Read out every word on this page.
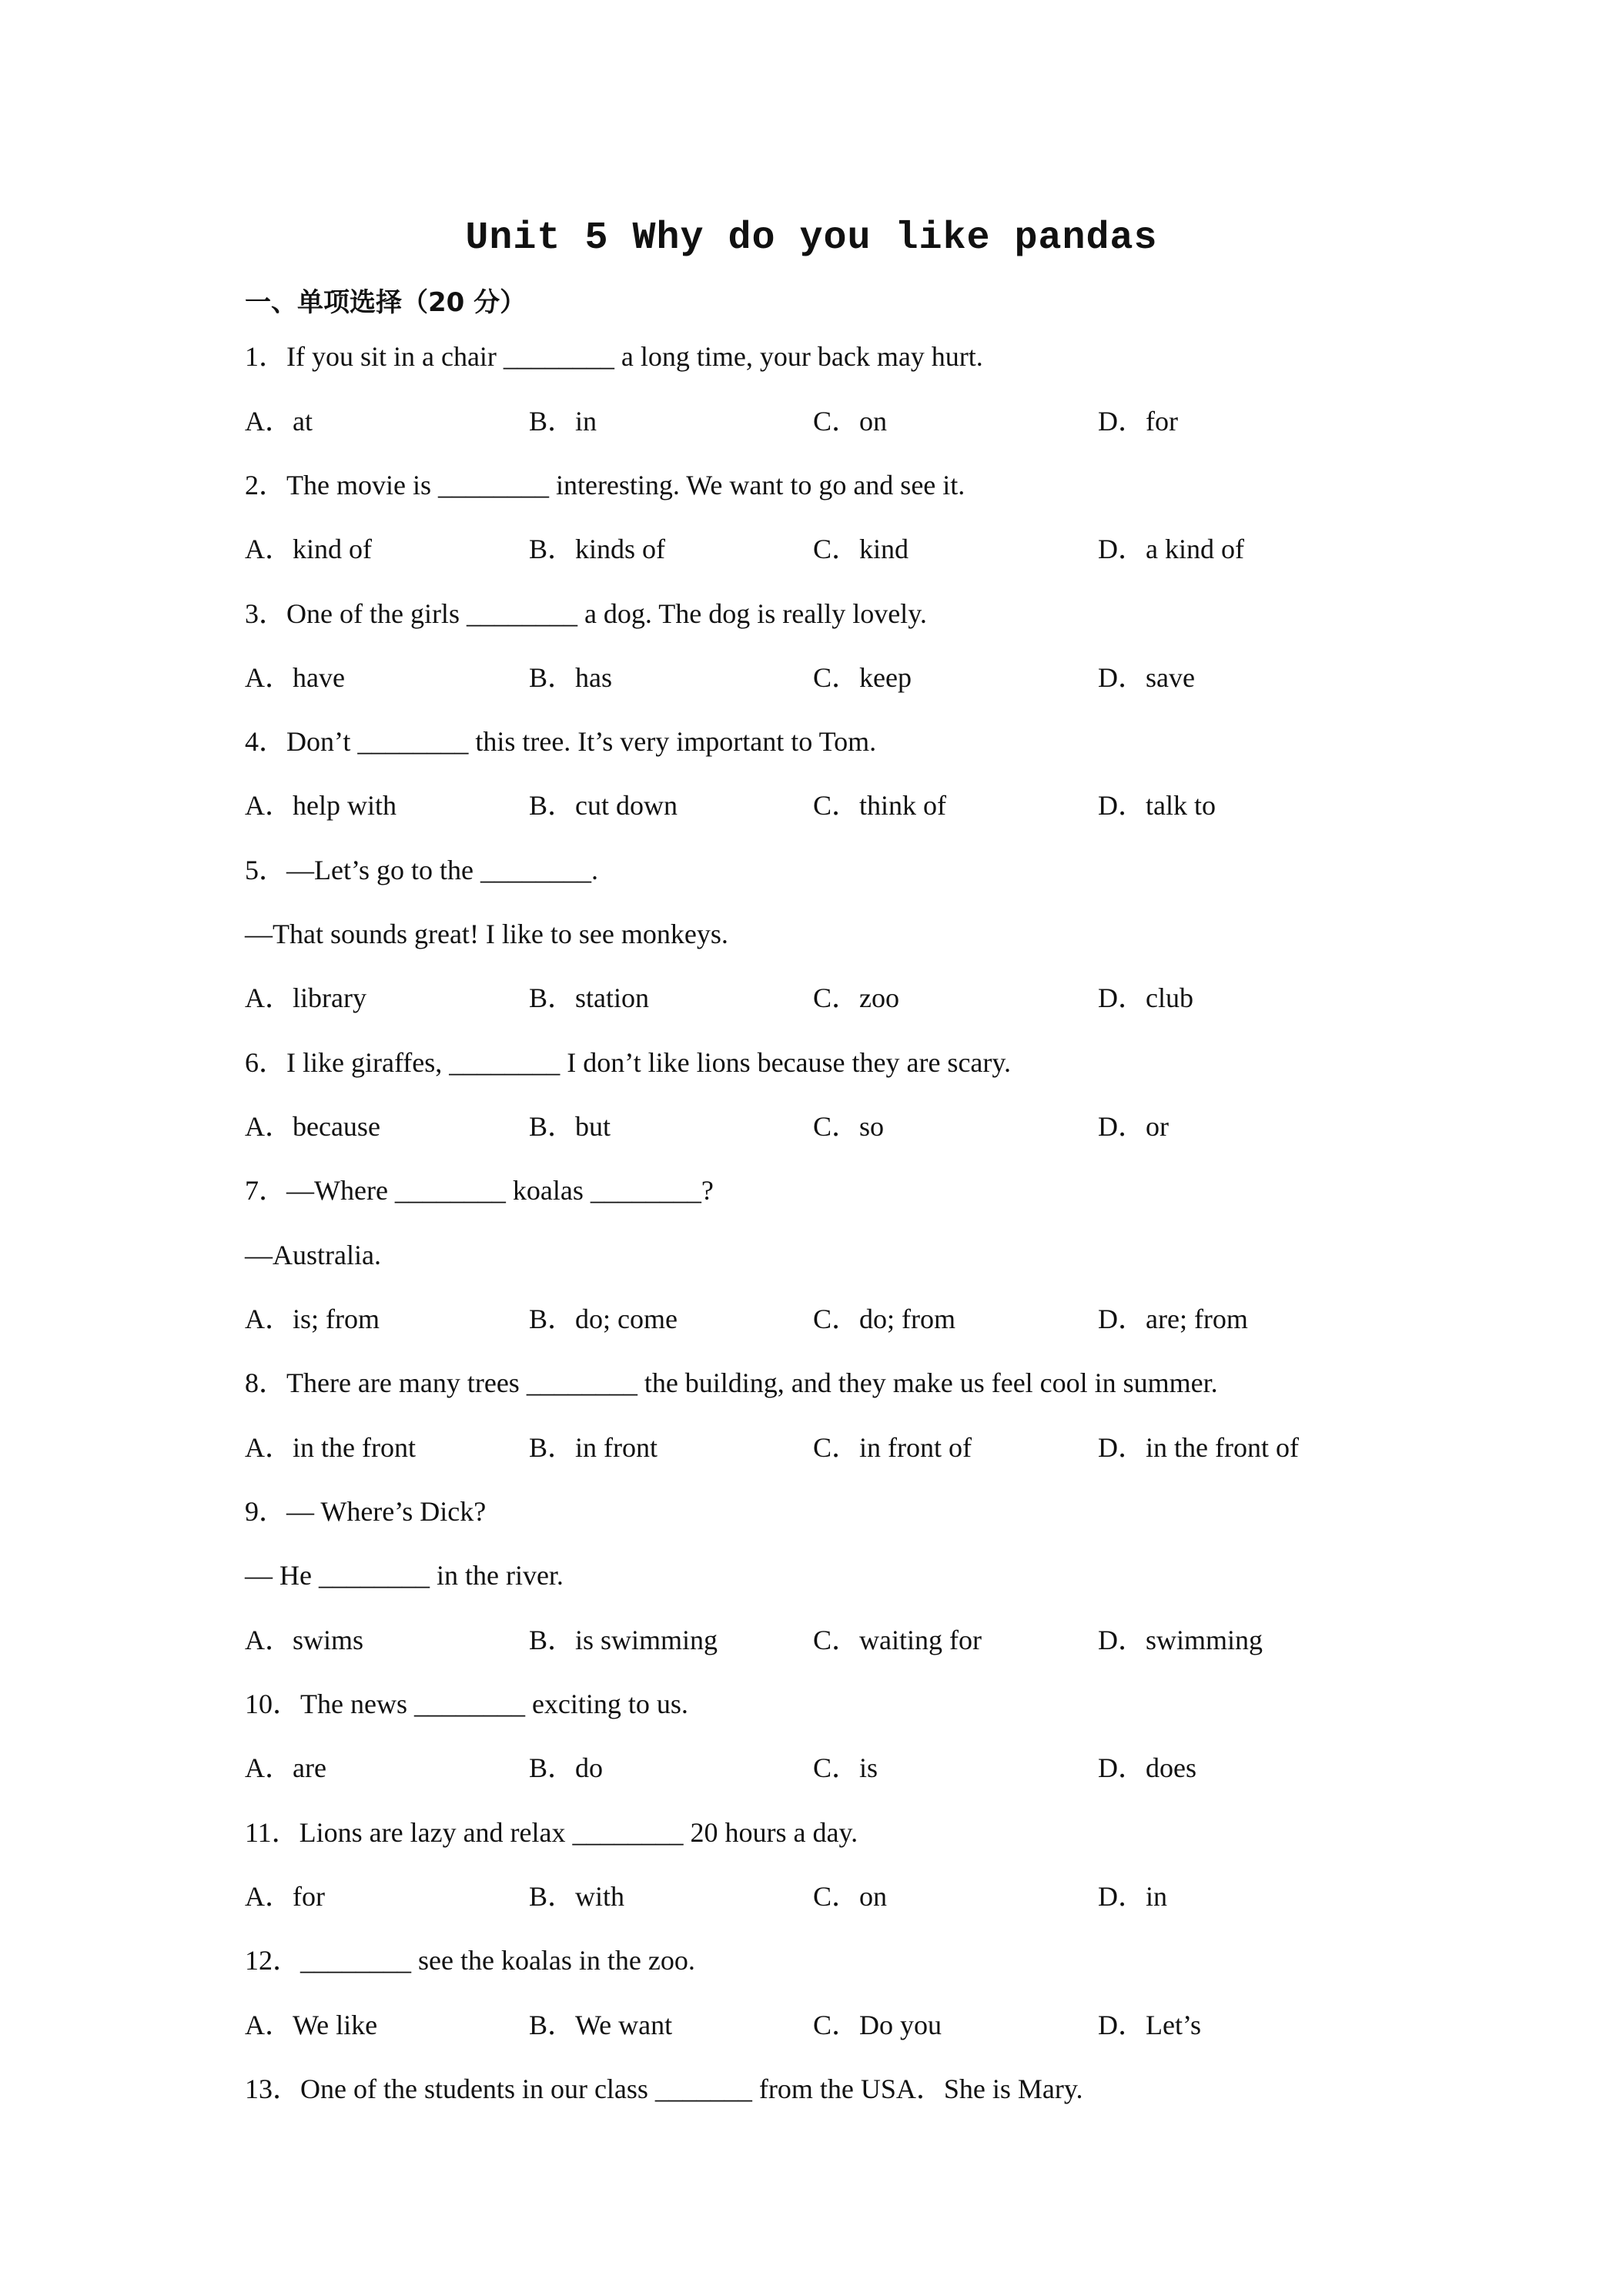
Unit 5 Why do you like pandas
一、单项选择（20 分）
1．If you sit in a chair ________ a long time, your back may hurt.
A．at	B．in	C．on	D．for
2．The movie is ________ interesting. We want to go and see it.
A．kind of	B．kinds of	C．kind	D．a kind of
3．One of the girls ________ a dog. The dog is really lovely.
A．have	B．has	C．keep	D．save
4．Don’t ________ this tree. It’s very important to Tom.
A．help with	B．cut down	C．think of	D．talk to
5．—Let’s go to the ________.
—That sounds great! I like to see monkeys.
A．library	B．station	C．zoo	D．club
6．I like giraffes, ________ I don’t like lions because they are scary.
A．because	B．but	C．so	D．or
7．—Where ________ koalas ________?
—Australia.
A．is; from	B．do; come	C．do; from	D．are; from
8．There are many trees ________ the building, and they make us feel cool in summer.
A．in the front	B．in front	C．in front of	D．in the front of
9．— Where’s Dick?
— He ________ in the river.
A．swims	B．is swimming	C．waiting for	D．swimming
10．The news ________ exciting to us.
A．are	B．do	C．is	D．does
11．Lions are lazy and relax ________ 20 hours a day.
A．for	B．with	C．on	D．in
12．________ see the koalas in the zoo.
A．We like	B．We want	C．Do you	D．Let’s
13．One of the students in our class _______ from the USA．She is Mary.
